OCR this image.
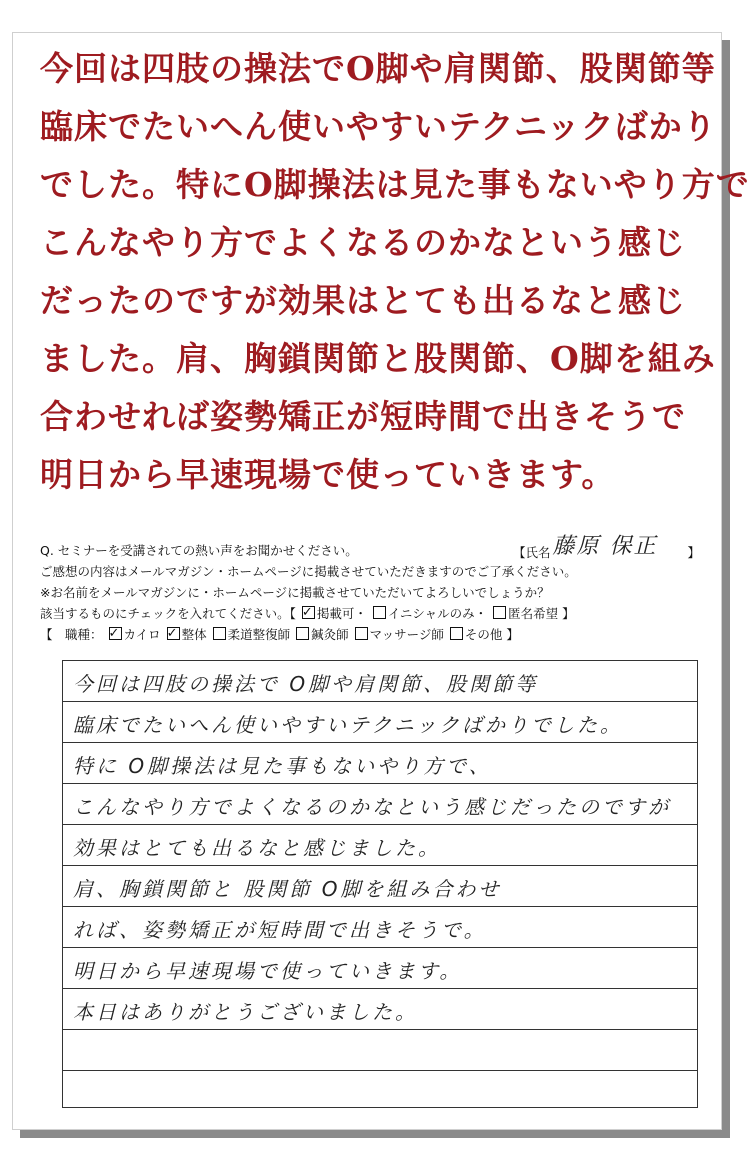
今回は四肢の操法でO脚や肩関節、股関節等
臨床でたいへん使いやすいテクニックばかり
でした。特にO脚操法は見た事もないやり方で
こんなやり方でよくなるのかなという感じ
だったのですが効果はとても出るなと感じ
ました。肩、胸鎖関節と股関節、O脚を組み
合わせれば姿勢矯正が短時間で出きそうで
明日から早速現場で使っていきます。
Q. セミナーを受講されての熱い声をお聞かせください。	【氏名 藤原 保正 】
ご感想の内容はメールマガジン・ホームページに掲載させていただきますのでご了承ください。
※お名前をメールマガジンに・ホームページに掲載させていただいてよろしいでしょうか？
該当するものにチェックを入れてください。【 ✓ 掲載可・ イニシャルのみ・ 匿名希望 】
【　職種： ✓ カイロ ✓ 整体 柔道整復師 鍼灸師 マッサージ師 その他 】
今回は四肢の操法で O脚や肩関節、股関節等
臨床でたいへん使いやすいテクニックばかりでした。
特に O脚操法は見た事もないやり方で、
こんなやり方でよくなるのかなという感じだったのですが
効果はとても出るなと感じました。
肩、胸鎖関節と 股関節 O脚を組み合わせ
れば、姿勢矯正が短時間で出きそうで。
明日から早速現場で使っていきます。
本日はありがとうございました。
